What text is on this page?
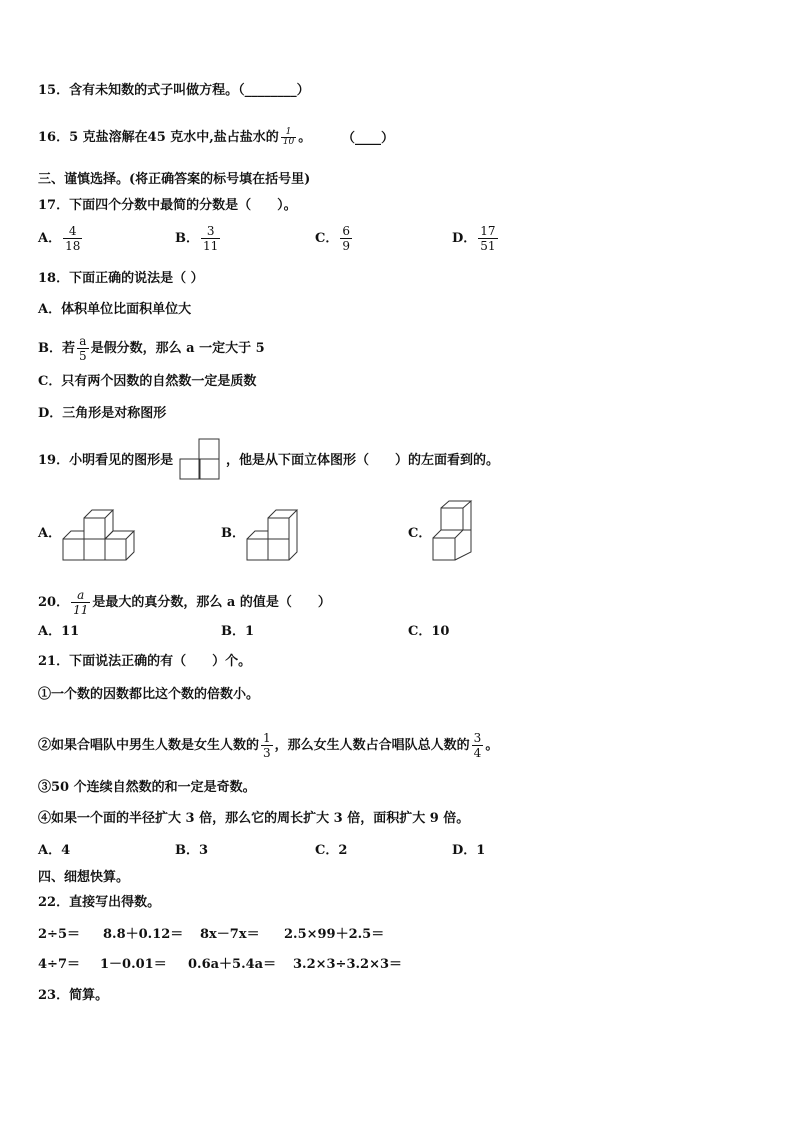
15．含有未知数的式子叫做方程。（________）
16．5 克盐溶解在45 克水中,盐占盐水的 $\frac{1}{10}$ 。 （____）
三、谨慎选择。(将正确答案的标号填在括号里)
17．下面四个分数中最简的分数是（　　）。
A． $\frac{4}{18}$	B． $\frac{3}{11}$	C． $\frac{6}{9}$	D． $\frac{17}{51}$
18．下面正确的说法是（ ）
A．体积单位比面积单位大
B．若 $\frac{a}{5}$ 是假分数，那么 a 一定大于 5
C．只有两个因数的自然数一定是质数
D．三角形是对称图形
19．小明看见的图形是	，他是从下面立体图形（　　）的左面看到的。
A．	B．	C．
20． $\frac{a}{11}$ 是最大的真分数，那么 a 的值是（　　）
A．11	B．1	C．10
21．下面说法正确的有（　　）个。
①一个数的因数都比这个数的倍数小。
②如果合唱队中男生人数是女生人数的 $\frac{1}{3}$ ，那么女生人数占合唱队总人数的 $\frac{3}{4}$ 。
③50 个连续自然数的和一定是奇数。
④如果一个面的半径扩大 3 倍，那么它的周长扩大 3 倍，面积扩大 9 倍。
A．4	B．3	C．2	D．1
四、细想快算。
22．直接写出得数。
2÷5＝ 8.8＋0.12＝ 8x－7x＝ 2.5×99＋2.5＝
4÷7＝ 1－0.01＝ 0.6a＋5.4a＝ 3.2×3÷3.2×3＝
23．简算。
